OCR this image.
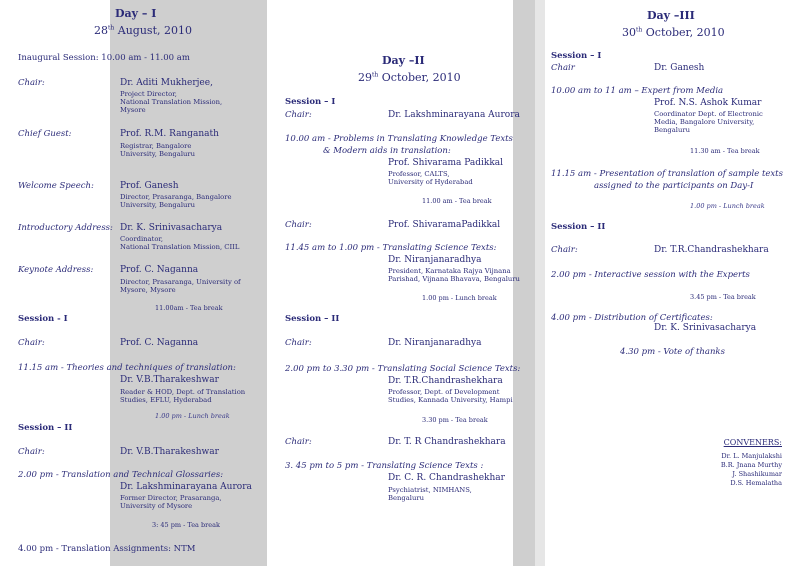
Day – I
28th August, 2010
Inaugural Session: 10.00 am - 11.00 am
Chair:	Dr. Aditi Mukherjee,
Project Director,
National Translation Mission,
Mysore
Chief Guest:	Prof. R.M. Ranganath
Registrar, Bangalore
University, Bengaluru
Welcome Speech:	Prof. Ganesh
Director, Prasaranga, Bangalore
University, Bengaluru
Introductory Address: Dr. K. Srinivasacharya
Coordinator,
National Translation Mission, CIIL
Keynote Address:	Prof. C. Naganna
Director, Prasaranga, University of
Mysore, Mysore
11.00am - Tea break
Session - I
Chair:	Prof. C. Naganna
11.15 am - Theories and techniques of translation:
Dr. V.B.Tharakeshwar
Reader & HOD, Dept. of Translation
Studies, EFLU, Hyderabad
1.00 pm - Lunch break
Session – II
Chair:	Dr. V.B.Tharakeshwar
2.00 pm - Translation and Technical Glossaries:
Dr. Lakshminarayana Aurora
Former Director, Prasaranga,
University of Mysore
3: 45 pm - Tea break
4.00 pm - Translation Assignments: NTM
Day –II
29th October, 2010
Session – I
Chair:	Dr. Lakshminarayana Aurora
10.00 am - Problems in Translating Knowledge Texts
& Modern aids in translation:
Prof. Shivarama Padikkal
Professor, CALTS,
University of Hyderabad
11.00 am - Tea break
Chair:	Prof. ShivaramaPadikkal
11.45 am to 1.00 pm - Translating Science Texts:
Dr. Niranjanaradhya
President, Karnataka Rajya Vijnana
Parishad, Vijnana Bhavava, Bengaluru
1.00 pm - Lunch break
Session – II
Chair:	Dr. Niranjanaradhya
2.00 pm to 3.30 pm - Translating Social Science Texts:
Dr. T.R.Chandrashekhara
Professor, Dept. of Development
Studies, Kannada University, Hampi
3.30 pm - Tea break
Chair:	Dr. T. R Chandrashekhara
3. 45 pm to 5 pm - Translating Science Texts :
Dr. C. R. Chandrashekhar
Psychiatrist, NIMHANS,
Bengaluru
Day –III
30th October, 2010
Session – I
Chair	Dr. Ganesh
10.00 am to 11 am – Expert from Media
Prof. N.S. Ashok Kumar
Coordinator Dept. of Electronic
Media, Bangalore University,
Bengaluru
11.30 am - Tea break
11.15 am - Presentation of translation of sample texts
assigned to the participants on Day-I
1.00 pm - Lunch break
Session – II
Chair:	Dr. T.R.Chandrashekhara
2.00 pm - Interactive session with the Experts
3.45 pm - Tea break
4.00 pm - Distribution of Certificates:
Dr. K. Srinivasacharya
4.30 pm - Vote of thanks
CONVENERS:
Dr. L. Manjulakshi
B.R. Jnana Murthy
J. Shashikumar
D.S. Hemalatha
